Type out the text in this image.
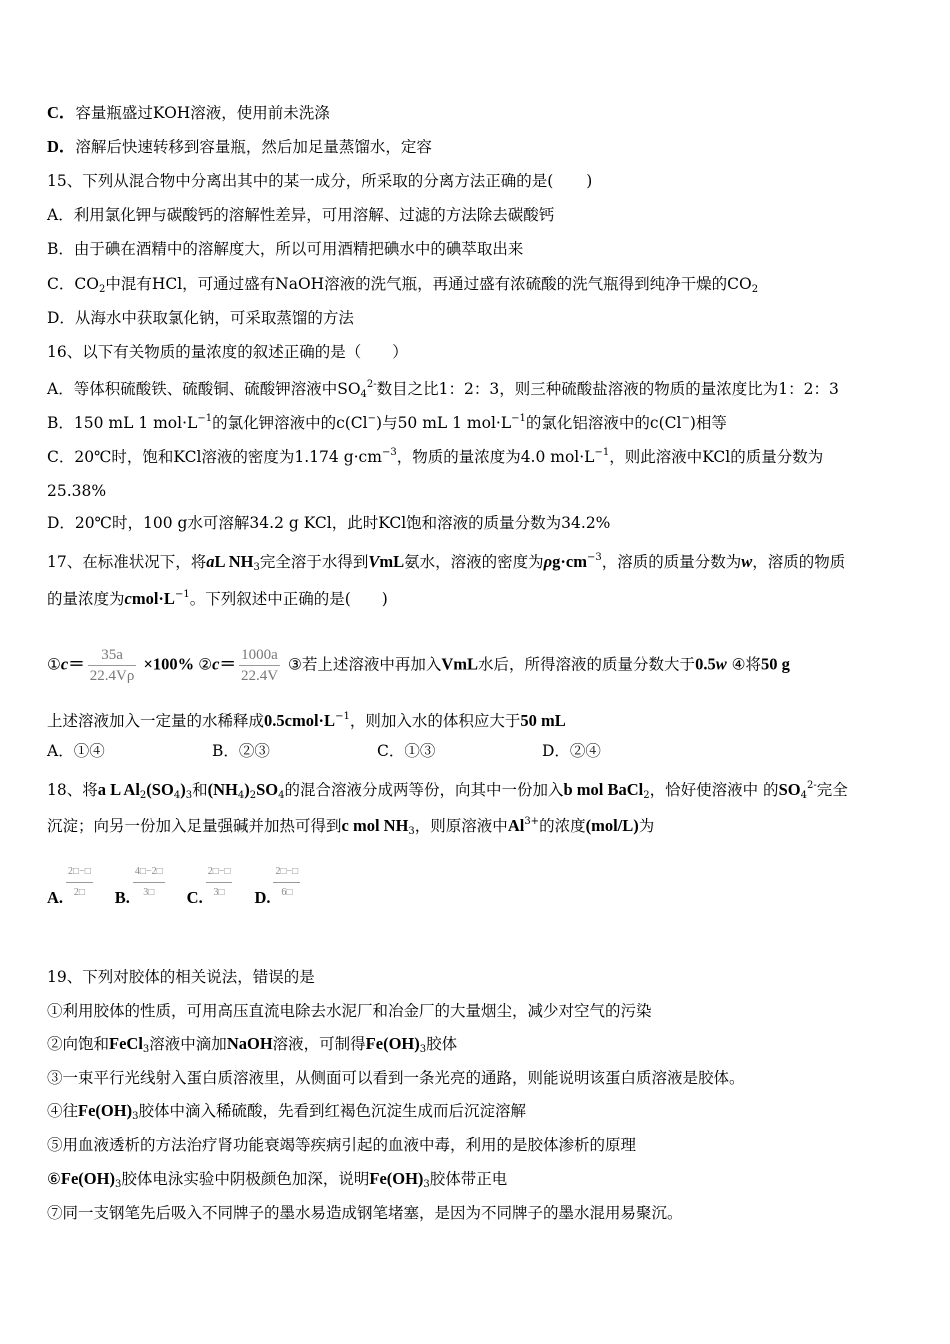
C．容量瓶盛过KOH溶液，使用前未洗涤
D．溶解后快速转移到容量瓶，然后加足量蒸馏水，定容
15、下列从混合物中分离出其中的某一成分，所采取的分离方法正确的是(　　 )
A．利用氯化钾与碳酸钙的溶解性差异，可用溶解、过滤的方法除去碳酸钙
B．由于碘在酒精中的溶解度大，所以可用酒精把碘水中的碘萃取出来
C．$CO_2$中混有HCl，可通过盛有NaOH溶液的洗气瓶，再通过盛有浓硫酸的洗气瓶得到纯净干燥的$CO_2$
D．从海水中获取氯化钠，可采取蒸馏的方法
16、以下有关物质的量浓度的叙述正确的是（　　）
A．等体积硫酸铁、硫酸铜、硫酸钾溶液中$SO_4^{2-}$数目之比1：2：3，则三种硫酸盐溶液的物质的量浓度比为1：2：3
B．150 mL 1 $mol\cdot L^{-1}$的氯化钾溶液中的c(Cl−)与50 mL 1 $mol\cdot L^{-1}$的氯化铝溶液中的c(Cl−)相等
C．20℃时，饱和KCl溶液的密度为1.174 $g\cdot cm^{-3}$，物质的量浓度为4.0 $mol\cdot L^{-1}$，则此溶液中KCl的质量分数为
25.38%
D．20℃时，100 g水可溶解34.2 g KCl，此时KCl饱和溶液的质量分数为34.2%
17、在标准状况下，将aL $NH_3$完全溶于水得到VmL氨水，溶液的密度为$\rho g\cdot cm^{-3}$，溶质的质量分数为w，溶质的物质
的量浓度为$cmol\cdot L^{-1}$。下列叙述中正确的是(　　 )
①c＝ $\frac{35a}{22.4V\rho} \times 100\%$ ②c＝ $\frac{1000a}{22.4V}$ ③若上述溶液中再加入VmL水后，所得溶液的质量分数大于0.5w ④将50 g
上述溶液加入一定量的水稀释成$0.5cmol\cdot L^{-1}$，则加入水的体积应大于50 mL
A．①④	B．②③	C．①③	D．②④
18、将a L $Al_2(SO_4)_3$和$(NH_4)_2SO_4$的混合溶液分成两等份，向其中一份加入b mol BaCl$_2$，恰好使溶液中 的$SO_4^{2-}$完全
沉淀；向另一份加入足量强碱并加热可得到c mol $NH_3$，则原溶液中$Al^{3+}$的浓度(mol/L)为
A. $\frac{2□-□}{2□} B$. $\frac{4□-2□}{3□} C$. $\frac{2□-□}{3□} D$. $\frac{2□-□}{6□}$
19、下列对胶体的相关说法，错误的是
①利用胶体的性质，可用高压直流电除去水泥厂和冶金厂的大量烟尘，减少对空气的污染
②向饱和FeCl$_3$溶液中滴加NaOH溶液，可制得$Fe(OH)_3$胶体
③一束平行光线射入蛋白质溶液里，从侧面可以看到一条光亮的通路，则能说明该蛋白质溶液是胶体。
④往$Fe(OH)_3$胶体中滴入稀硫酸，先看到红褐色沉淀生成而后沉淀溶解
⑤用血液透析的方法治疗肾功能衰竭等疾病引起的血液中毒，利用的是胶体渗析的原理
$⑥Fe(OH)_3$胶体电泳实验中阴极颜色加深，说明$Fe(OH)_3$胶体带正电
⑦同一支钢笔先后吸入不同牌子的墨水易造成钢笔堵塞，是因为不同牌子的墨水混用易聚沉。
